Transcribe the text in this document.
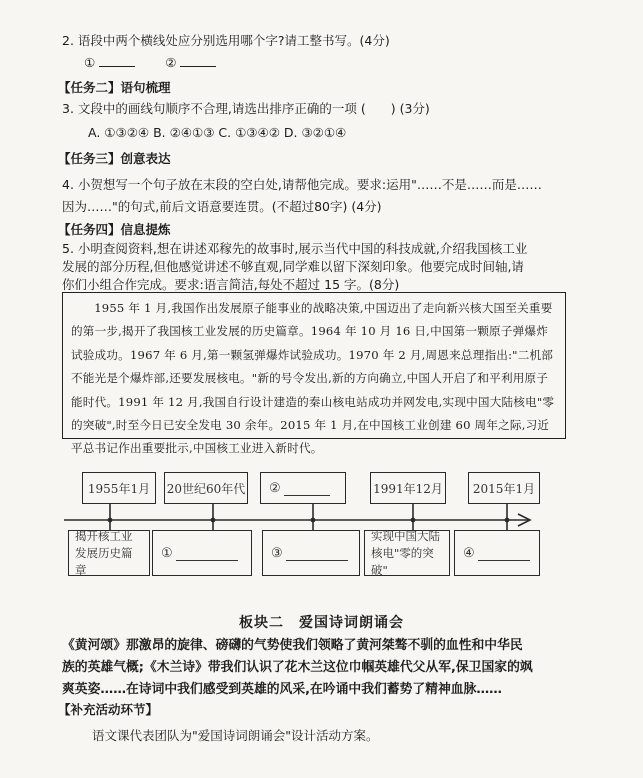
2. 语段中两个横线处应分别选用哪个字?请工整书写。(4分)
①	②
【任务二】语句梳理
3. 文段中的画线句顺序不合理,请选出排序正确的一项 (　　) (3分)
A. ①③②④ B. ②④①③ C. ①③④② D. ③②①④
【任务三】创意表达
4. 小贺想写一个句子放在末段的空白处,请帮他完成。要求:运用"……不是……而是……
因为……"的句式,前后文语意要连贯。(不超过80字) (4分)
【任务四】信息提炼
5. 小明查阅资料,想在讲述邓稼先的故事时,展示当代中国的科技成就,介绍我国核工业
发展的部分历程,但他感觉讲述不够直观,同学难以留下深刻印象。他要完成时间轴,请
你们小组合作完成。要求:语言简洁,每处不超过 15 字。(8分)
1955 年 1 月,我国作出发展原子能事业的战略决策,中国迈出了走向新兴核大国至关重要的第一步,揭开了我国核工业发展的历史篇章。1964 年 10 月 16 日,中国第一颗原子弹爆炸试验成功。1967 年 6 月,第一颗氢弹爆炸试验成功。1970 年 2 月,周恩来总理指出:"二机部不能光是个爆炸部,还要发展核电。"新的号令发出,新的方向确立,中国人开启了和平利用原子能时代。1991 年 12 月,我国自行设计建造的秦山核电站成功并网发电,实现中国大陆核电"零的突破",时至今日已安全发电 30 余年。2015 年 1 月,在中国核工业创建 60 周年之际,习近平总书记作出重要批示,中国核工业进入新时代。
1955年1月 20世纪60年代 ②	1991年12月	2015年1月
揭开核工业发展历史篇章
①	③
实现中国大陆核电"零的突破"
④
板块二　爱国诗词朗诵会
《黄河颂》那激昂的旋律、磅礴的气势使我们领略了黄河桀骜不驯的血性和中华民
族的英雄气概;《木兰诗》带我们认识了花木兰这位巾帼英雄代父从军,保卫国家的飒
爽英姿……在诗词中我们感受到英雄的风采,在吟诵中我们蓄势了精神血脉……
【补充活动环节】
语文课代表团队为"爱国诗词朗诵会"设计活动方案。
